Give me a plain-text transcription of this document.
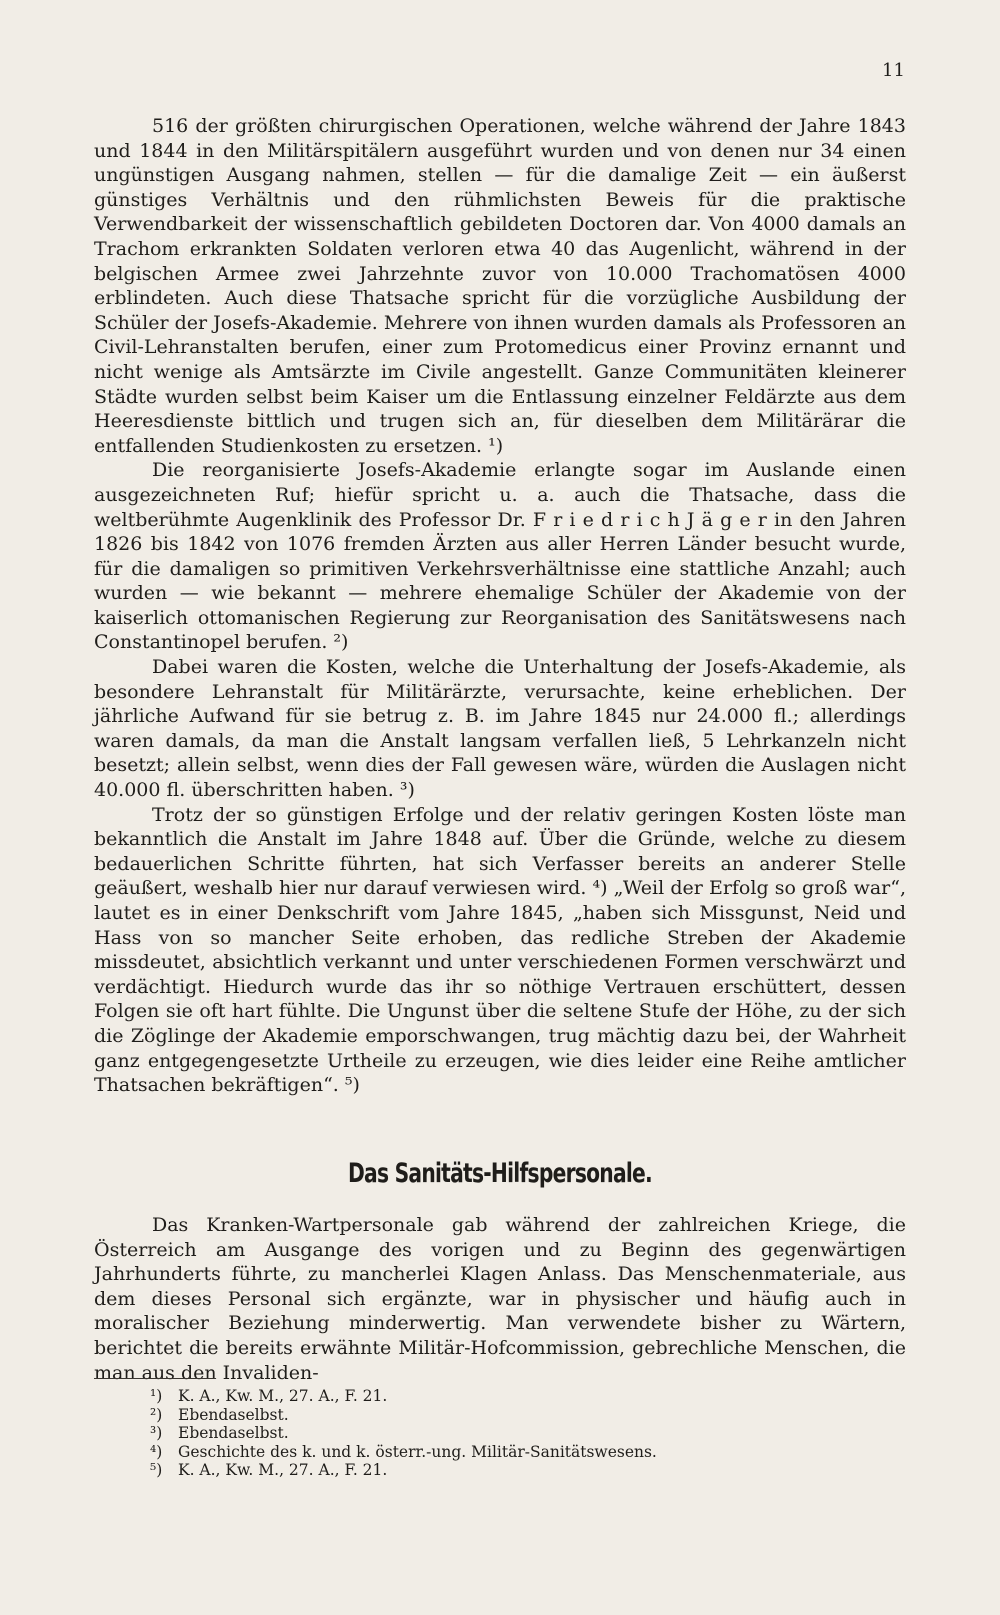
11

516 der größten chirurgischen Operationen, welche während der Jahre 1843 und 1844 in den Militärspitälern ausgeführt wurden und von denen nur 34 einen ungünstigen Ausgang nahmen, stellen — für die damalige Zeit — ein äußerst günstiges Verhältnis und den rühmlichsten Beweis für die praktische Verwendbarkeit der wissenschaftlich gebildeten Doctoren dar. Von 4000 damals an Trachom erkrankten Soldaten verloren etwa 40 das Augenlicht, während in der belgischen Armee zwei Jahrzehnte zuvor von 10.000 Trachomatösen 4000 erblindeten. Auch diese Thatsache spricht für die vorzügliche Ausbildung der Schüler der Josefs-Akademie. Mehrere von ihnen wurden damals als Professoren an Civil-Lehranstalten berufen, einer zum Protomedicus einer Provinz ernannt und nicht wenige als Amtsärzte im Civile angestellt. Ganze Communitäten kleinerer Städte wurden selbst beim Kaiser um die Entlassung einzelner Feldärzte aus dem Heeresdienste bittlich und trugen sich an, für dieselben dem Militärärar die entfallenden Studienkosten zu ersetzen. ¹)

Die reorganisierte Josefs-Akademie erlangte sogar im Auslande einen ausgezeichneten Ruf; hiefür spricht u. a. auch die Thatsache, dass die weltberühmte Augenklinik des Professor Dr. F r i e d r i c h J ä g e r in den Jahren 1826 bis 1842 von 1076 fremden Ärzten aus aller Herren Länder besucht wurde, für die damaligen so primitiven Verkehrsverhältnisse eine stattliche Anzahl; auch wurden — wie bekannt — mehrere ehemalige Schüler der Akademie von der kaiserlich ottomanischen Regierung zur Reorganisation des Sanitätswesens nach Constantinopel berufen. ²)

Dabei waren die Kosten, welche die Unterhaltung der Josefs-Akademie, als besondere Lehranstalt für Militärärzte, verursachte, keine erheblichen. Der jährliche Aufwand für sie betrug z. B. im Jahre 1845 nur 24.000 fl.; allerdings waren damals, da man die Anstalt langsam verfallen ließ, 5 Lehrkanzeln nicht besetzt; allein selbst, wenn dies der Fall gewesen wäre, würden die Auslagen nicht 40.000 fl. überschritten haben. ³)

Trotz der so günstigen Erfolge und der relativ geringen Kosten löste man bekanntlich die Anstalt im Jahre 1848 auf. Über die Gründe, welche zu diesem bedauerlichen Schritte führten, hat sich Verfasser bereits an anderer Stelle geäußert, weshalb hier nur darauf verwiesen wird. ⁴) „Weil der Erfolg so groß war“, lautet es in einer Denkschrift vom Jahre 1845, „haben sich Missgunst, Neid und Hass von so mancher Seite erhoben, das redliche Streben der Akademie missdeutet, absichtlich verkannt und unter verschiedenen Formen verschwärzt und verdächtigt. Hiedurch wurde das ihr so nöthige Vertrauen erschüttert, dessen Folgen sie oft hart fühlte. Die Ungunst über die seltene Stufe der Höhe, zu der sich die Zöglinge der Akademie emporschwangen, trug mächtig dazu bei, der Wahrheit ganz entgegengesetzte Urtheile zu erzeugen, wie dies leider eine Reihe amtlicher Thatsachen bekräftigen“. ⁵)

Das Sanitäts-Hilfspersonale.

Das Kranken-Wartpersonale gab während der zahlreichen Kriege, die Österreich am Ausgange des vorigen und zu Beginn des gegenwärtigen Jahrhunderts führte, zu mancherlei Klagen Anlass. Das Menschenmateriale, aus dem dieses Personal sich ergänzte, war in physischer und häufig auch in moralischer Beziehung minderwertig. Man verwendete bisher zu Wärtern, berichtet die bereits erwähnte Militär-Hofcommission, gebrechliche Menschen, die man aus den Invaliden-

¹)	K. A., Kw. M., 27. A., F. 21.
²)	Ebendaselbst.
³)	Ebendaselbst.
⁴)	Geschichte des k. und k. österr.-ung. Militär-Sanitätswesens.
⁵)	K. A., Kw. M., 27. A., F. 21.
